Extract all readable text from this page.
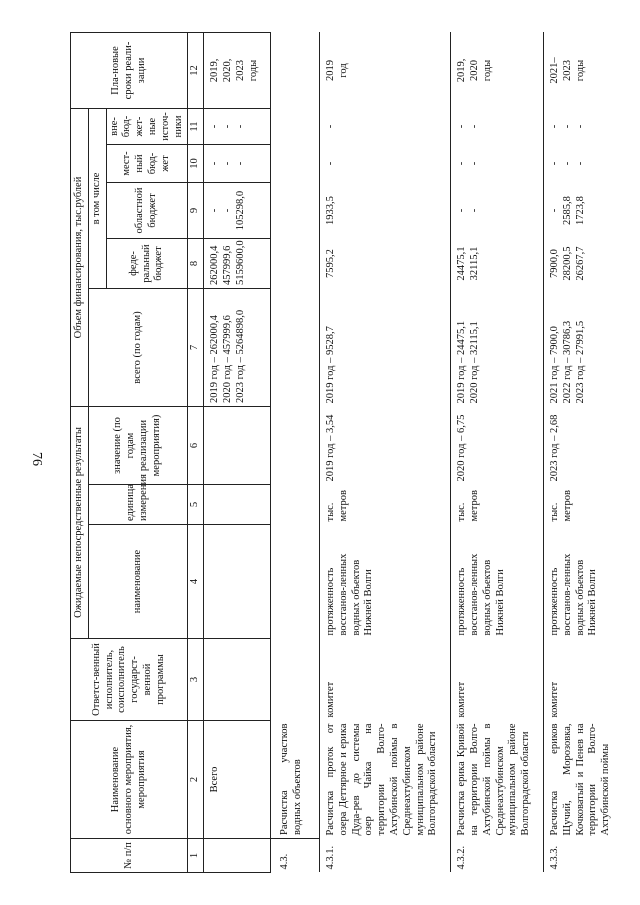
76
№ п/п	Наименование основного мероприятия, мероприятия	Ответст-венный исполнитель, соисполнитель государст-венной программы	Ожидаемые непосредственные результаты			Объем финансирования, тыс.рублей					Пла-новые сроки реали-зации
			наименование	единица измерения	значение (по годам реализации мероприятия)	всего (по годам)	в том числе				
							феде-ральный бюджет	областной бюджет	мест-ный бюд-жет	вне-бюд-жет-ные источ-ники	
1	2	3	4	5	6	7	8	9	10	11	12
	Всего					2019 год – 262000,4
2020 год – 457999,6
2023 год – 5264898,0	262000,4
457999,6
5159600,0	-
-
105298,0	-
-
-	-
-
-	2019,
2020,
2023
годы
4.3.	Расчистка участков водных объектов										
4.3.1.	Расчистка проток от озера Деттярное и ерика Дуда-рев до системы озер Чайка на территории Волго-Ахтубинской поймы в Среднеахтубинском муниципальном районе Волгоградской области	комитет	протяженность восстанов-ленных водных объектов Нижней Волги	тыс. метров	2019 год – 3,54	2019 год – 9528,7	7595,2	1933,5	-	-	2019
год
4.3.2.	Расчистка ерика Кривой на территории Волго-Ахтубинской поймы в Среднеахтубинском муниципальном районе Волгоградской области	комитет	протяженность восстанов-ленных водных объектов Нижней Волги	тыс. метров	2020 год – 6,75	2019 год – 24475,1
2020 год – 32115,1	24475,1
32115,1	-
-	-
-	-
-	2019,
2020
годы
4.3.3.	Расчистка ериков Щучий, Морозовка, Кочковатый и Пенев на территории Волго-Ахтубинской поймы	комитет	протяженность восстанов-ленных водных объектов Нижней Волги	тыс. метров	2023 год – 2,68	2021 год – 7900,0
2022 год – 30786,3
2023 год – 27991,5	7900,0
28200,5
26267,7	-
2585,8
1723,8	-
-
-	-
-
-	2021–
2023
годы
